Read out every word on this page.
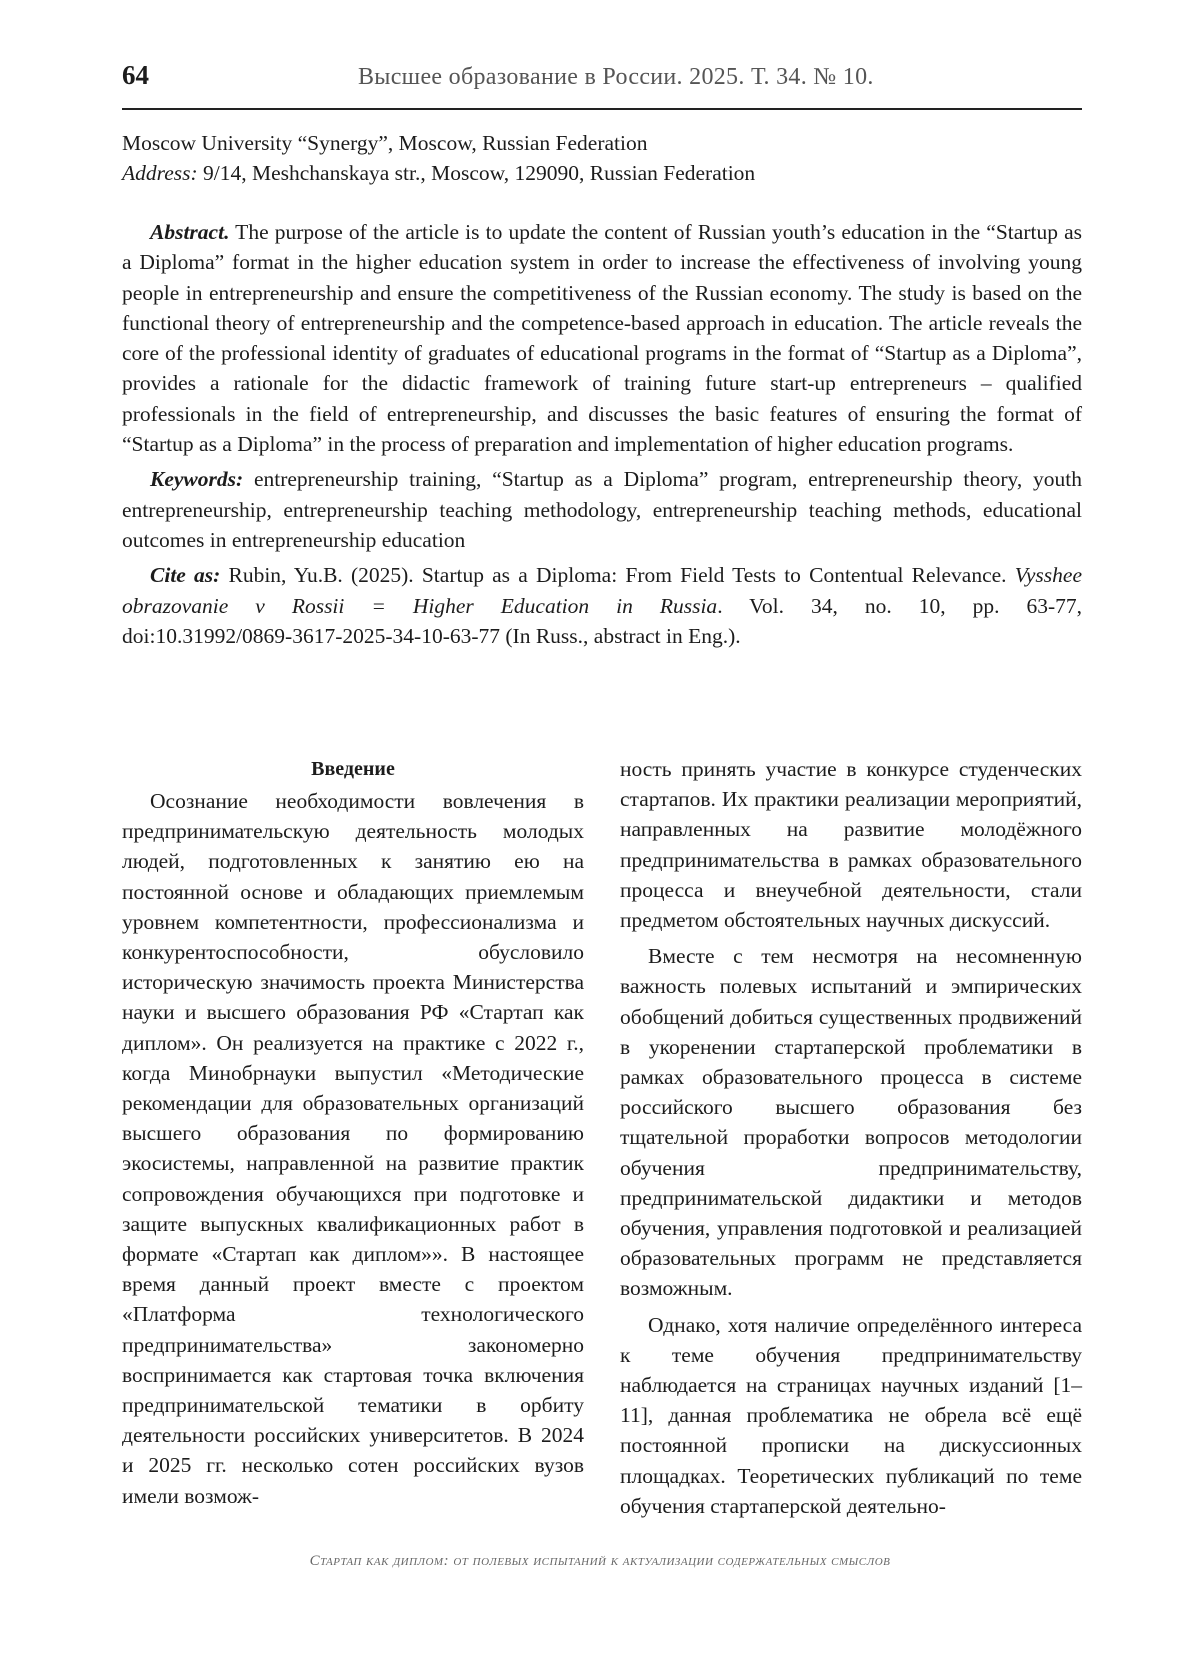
64	Высшее образование в России. 2025. Т. 34. № 10.

Moscow University “Synergy”, Moscow, Russian Federation

Address: 9/14, Meshchanskaya str., Moscow, 129090, Russian Federation

Abstract. The purpose of the article is to update the content of Russian youth’s education in the “Startup as a Diploma” format in the higher education system in order to increase the effectiveness of involving young people in entrepreneurship and ensure the competitiveness of the Russian economy. The study is based on the functional theory of entrepreneurship and the competence-based approach in education. The article reveals the core of the professional identity of graduates of educational programs in the format of “Startup as a Diploma”, provides a rationale for the didactic framework of training future start-up entrepreneurs – qualified professionals in the field of entrepreneurship, and discusses the basic features of ensuring the format of “Startup as a Diploma” in the process of preparation and implementation of higher education programs.

Keywords: entrepreneurship training, “Startup as a Diploma” program, entrepreneurship theory, youth entrepreneurship, entrepreneurship teaching methodology, entrepreneurship teaching methods, educational outcomes in entrepreneurship education

Cite as: Rubin, Yu.B. (2025). Startup as a Diploma: From Field Tests to Contentual Relevance. Vysshee obrazovanie v Rossii = Higher Education in Russia. Vol. 34, no. 10, pp. 63-77, doi:10.31992/0869-3617-2025-34-10-63-77 (In Russ., abstract in Eng.).

Введение

Осознание необходимости вовлечения в предпринимательскую деятельность молодых людей, подготовленных к занятию ею на постоянной основе и обладающих приемлемым уровнем компетентности, профессионализма и конкурентоспособности, обусловило историческую значимость проекта Министерства науки и высшего образования РФ «Стартап как диплом». Он реализуется на практике с 2022 г., когда Минобрнауки выпустил «Методические рекомендации для образовательных организаций высшего образования по формированию экосистемы, направленной на развитие практик сопровождения обучающихся при подготовке и защите выпускных квалификационных работ в формате «Стартап как диплом»». В настоящее время данный проект вместе с проектом «Платформа технологического предпринимательства» закономерно воспринимается как стартовая точка включения предпринимательской тематики в орбиту деятельности российских университетов. В 2024 и 2025 гг. несколько сотен российских вузов имели возмож-

ность принять участие в конкурсе студенческих стартапов. Их практики реализации мероприятий, направленных на развитие молодёжного предпринимательства в рамках образовательного процесса и внеучебной деятельности, стали предметом обстоятельных научных дискуссий.

Вместе с тем несмотря на несомненную важность полевых испытаний и эмпирических обобщений добиться существенных продвижений в укоренении стартаперской проблематики в рамках образовательного процесса в системе российского высшего образования без тщательной проработки вопросов методологии обучения предпринимательству, предпринимательской дидактики и методов обучения, управления подготовкой и реализацией образовательных программ не представляется возможным.

Однако, хотя наличие определённого интереса к теме обучения предпринимательству наблюдается на страницах научных изданий [1–11], данная проблематика не обрела всё ещё постоянной прописки на дискуссионных площадках. Теоретических публикаций по теме обучения стартаперской деятельно-

Стартап как диплом: от полевых испытаний к актуализации содержательных смыслов
